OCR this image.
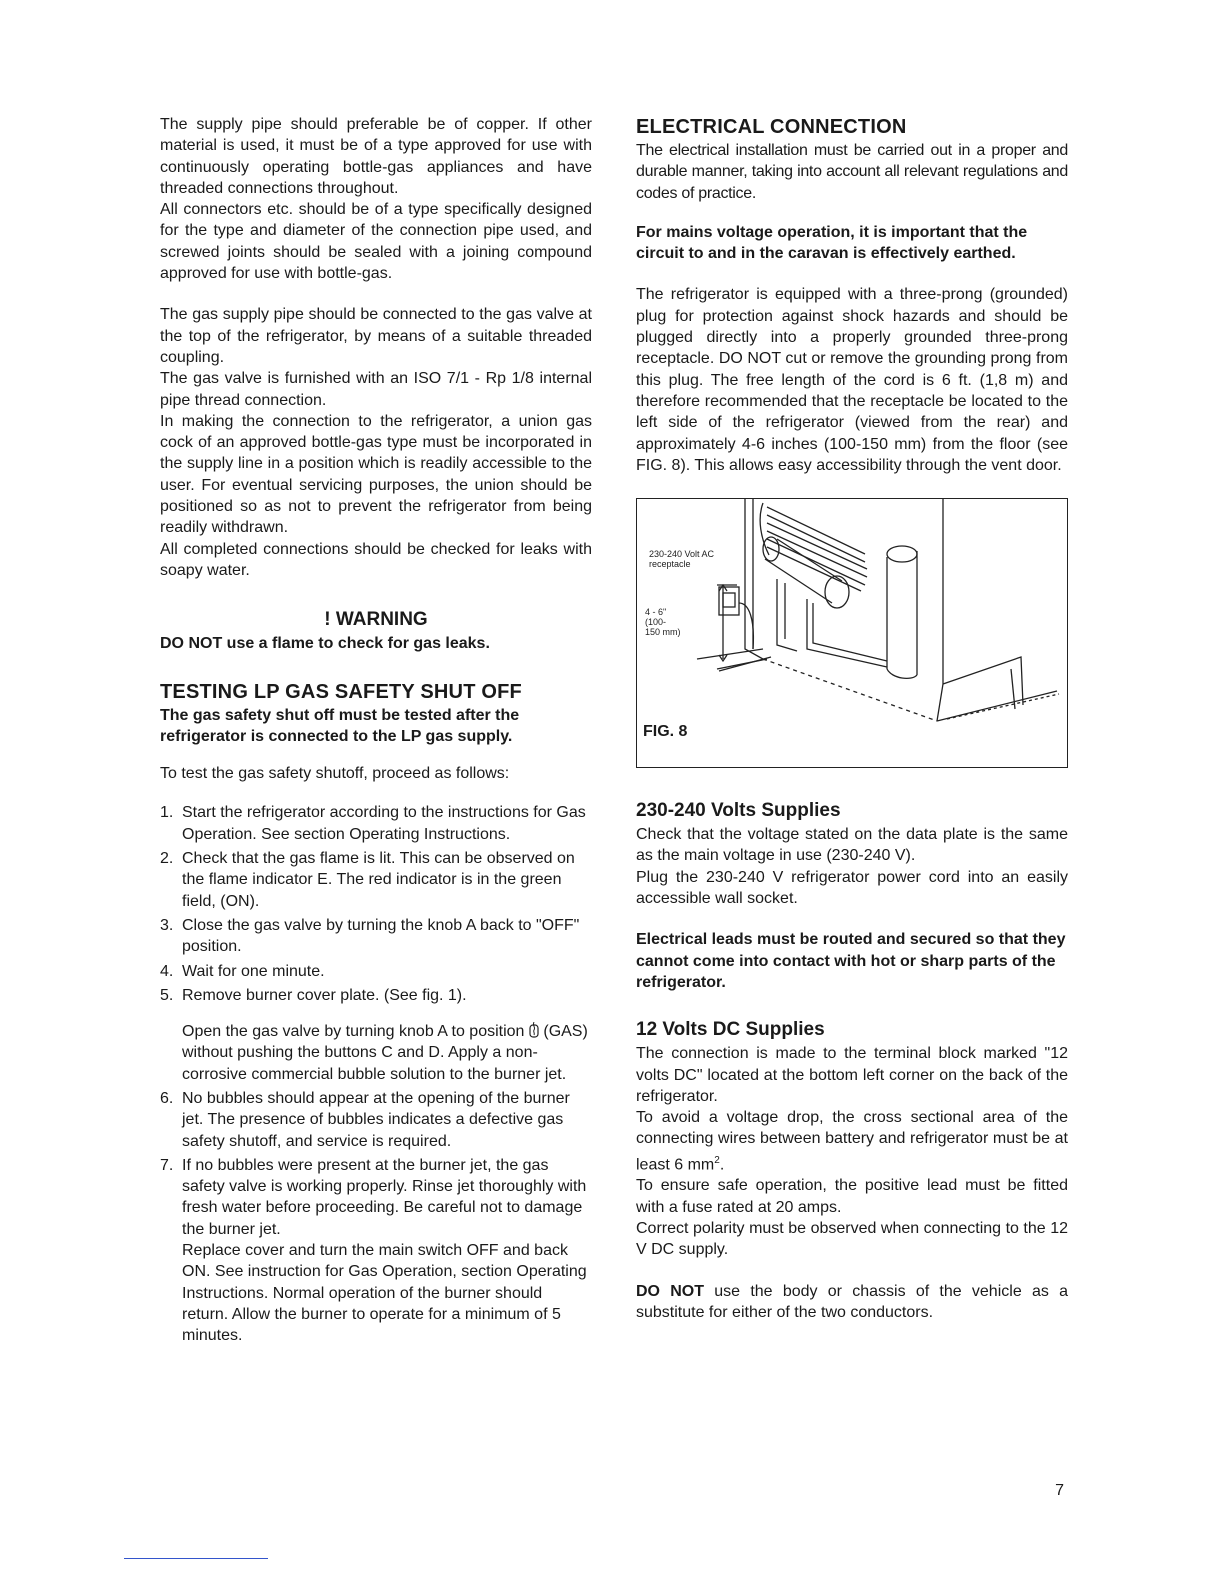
The supply pipe should preferable be of copper. If other material is used, it must be of a type approved for use with continuously operating bottle-gas appliances and have threaded connections throughout.

All connectors etc. should be of a type specifically designed for the type and diameter of the connection pipe used, and screwed joints should be sealed with a joining compound approved for use with bottle-gas.

The gas supply pipe should be connected to the gas valve at the top of the refrigerator, by means of a suitable threaded coupling.

The gas valve is furnished with an ISO 7/1 - Rp 1/8 internal pipe thread connection.

In making the connection to the refrigerator, a union gas cock of an approved bottle-gas type must be incorporated in the supply line in a position which is readily accessible to the user. For eventual servicing purposes, the union should be positioned so as not to prevent the refrigerator from being readily withdrawn.

All completed connections should be checked for leaks with soapy water.

! WARNING

DO NOT use a flame to check for gas leaks.

TESTING LP GAS SAFETY SHUT OFF

The gas safety shut off must be tested after the refrigerator is connected to the LP gas supply.

To test the gas safety shutoff, proceed as follows:

1. Start the refrigerator according to the instructions for Gas Operation. See section Operating Instructions.
2. Check that the gas flame is lit. This can be observed on the flame indicator E. The red indicator is in the green field, (ON).
3. Close the gas valve by turning the knob A back to "OFF" position.
4. Wait for one minute.
5. Remove burner cover plate. (See fig. 1).
Open the gas valve by turning knob A to position (GAS) without pushing the buttons C and D. Apply a non-corrosive commercial bubble solution to the burner jet.
6. No bubbles should appear at the opening of the burner jet. The presence of bubbles indicates a defective gas safety shutoff, and service is required.
7. If no bubbles were present at the burner jet, the gas safety valve is working properly. Rinse jet thoroughly with fresh water before proceeding. Be careful not to damage the burner jet.
Replace cover and turn the main switch OFF and back ON. See instruction for Gas Operation, section Operating Instructions. Normal operation of the burner should return. Allow the burner to operate for a minimum of 5 minutes.
ELECTRICAL CONNECTION

The electrical installation must be carried out in a proper and durable manner, taking into account all relevant regulations and codes of practice.

For mains voltage operation, it is important that the circuit to and in the caravan is effectively earthed.

The refrigerator is equipped with a three-prong (grounded) plug for protection against shock hazards and should be plugged directly into a properly grounded three-prong receptacle. DO NOT cut or remove the grounding prong from this plug. The free length of the cord is 6 ft. (1,8 m) and therefore recommended that the receptacle be located to the left side of the refrigerator (viewed from the rear) and approximately 4-6 inches (100-150 mm) from the floor (see FIG. 8). This allows easy accessibility through the vent door.

230-240 Volt AC
receptacle
4 - 6"
(100-
150 mm)
FIG. 8
230-240 Volts Supplies

Check that the voltage stated on the data plate is the same as the main voltage in use (230-240 V).

Plug the 230-240 V refrigerator power cord into an easily accessible wall socket.

Electrical leads must be routed and secured so that they cannot come into contact with hot or sharp parts of the refrigerator.

12 Volts DC Supplies

The connection is made to the terminal block marked "12 volts DC" located at the bottom left corner on the back of the refrigerator.

To avoid a voltage drop, the cross sectional area of the connecting wires between battery and refrigerator must be at least 6 $mm^2$.

To ensure safe operation, the positive lead must be fitted with a fuse rated at 20 amps.

Correct polarity must be observed when connecting to the 12 V DC supply.

DO NOT use the body or chassis of the vehicle as a substitute for either of the two conductors.

7
